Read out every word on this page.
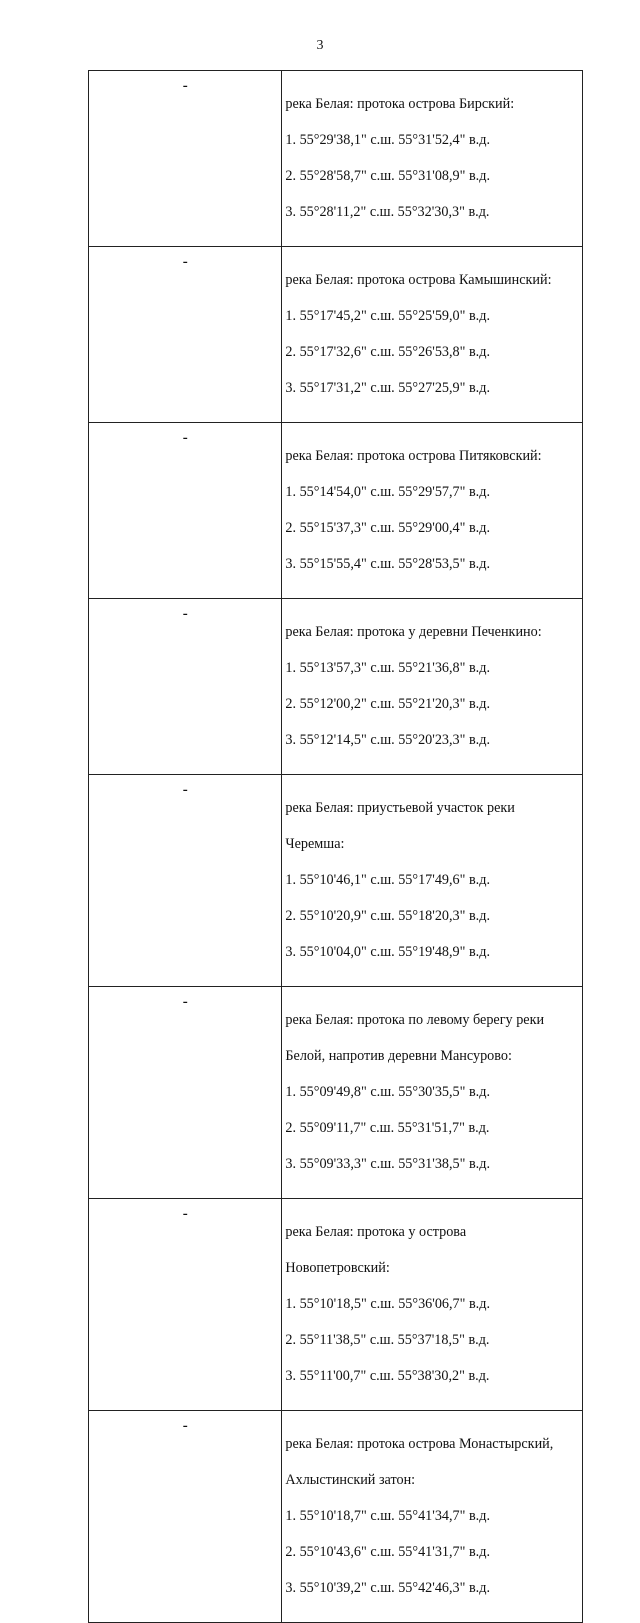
3
-	река Белая: протока острова Бирский:

1. 55°29'38,1" с.ш. 55°31'52,4" в.д.

2. 55°28'58,7" с.ш. 55°31'08,9" в.д.

3. 55°28'11,2" с.ш. 55°32'30,3" в.д.

-	река Белая: протока острова Камышинский:

1. 55°17'45,2" с.ш. 55°25'59,0" в.д.

2. 55°17'32,6" с.ш. 55°26'53,8" в.д.

3. 55°17'31,2" с.ш. 55°27'25,9" в.д.

-	река Белая: протока острова Питяковский:

1. 55°14'54,0" с.ш. 55°29'57,7" в.д.

2. 55°15'37,3" с.ш. 55°29'00,4" в.д.

3. 55°15'55,4" с.ш. 55°28'53,5" в.д.

-	река Белая: протока у деревни Печенкино:

1. 55°13'57,3" с.ш. 55°21'36,8" в.д.

2. 55°12'00,2" с.ш. 55°21'20,3" в.д.

3. 55°12'14,5" с.ш. 55°20'23,3" в.д.

-	река Белая: приустьевой участок реки

Черемша:

1. 55°10'46,1" с.ш. 55°17'49,6" в.д.

2. 55°10'20,9" с.ш. 55°18'20,3" в.д.

3. 55°10'04,0" с.ш. 55°19'48,9" в.д.

-	река Белая: протока по левому берегу реки

Белой, напротив деревни Мансурово:

1. 55°09'49,8" с.ш. 55°30'35,5" в.д.

2. 55°09'11,7" с.ш. 55°31'51,7" в.д.

3. 55°09'33,3" с.ш. 55°31'38,5" в.д.

-	река Белая: протока у острова

Новопетровский:

1. 55°10'18,5" с.ш. 55°36'06,7" в.д.

2. 55°11'38,5" с.ш. 55°37'18,5" в.д.

3. 55°11'00,7" с.ш. 55°38'30,2" в.д.

-	река Белая: протока острова Монастырский,

Ахлыстинский затон:

1. 55°10'18,7" с.ш. 55°41'34,7" в.д.

2. 55°10'43,6" с.ш. 55°41'31,7" в.д.

3. 55°10'39,2" с.ш. 55°42'46,3" в.д.
